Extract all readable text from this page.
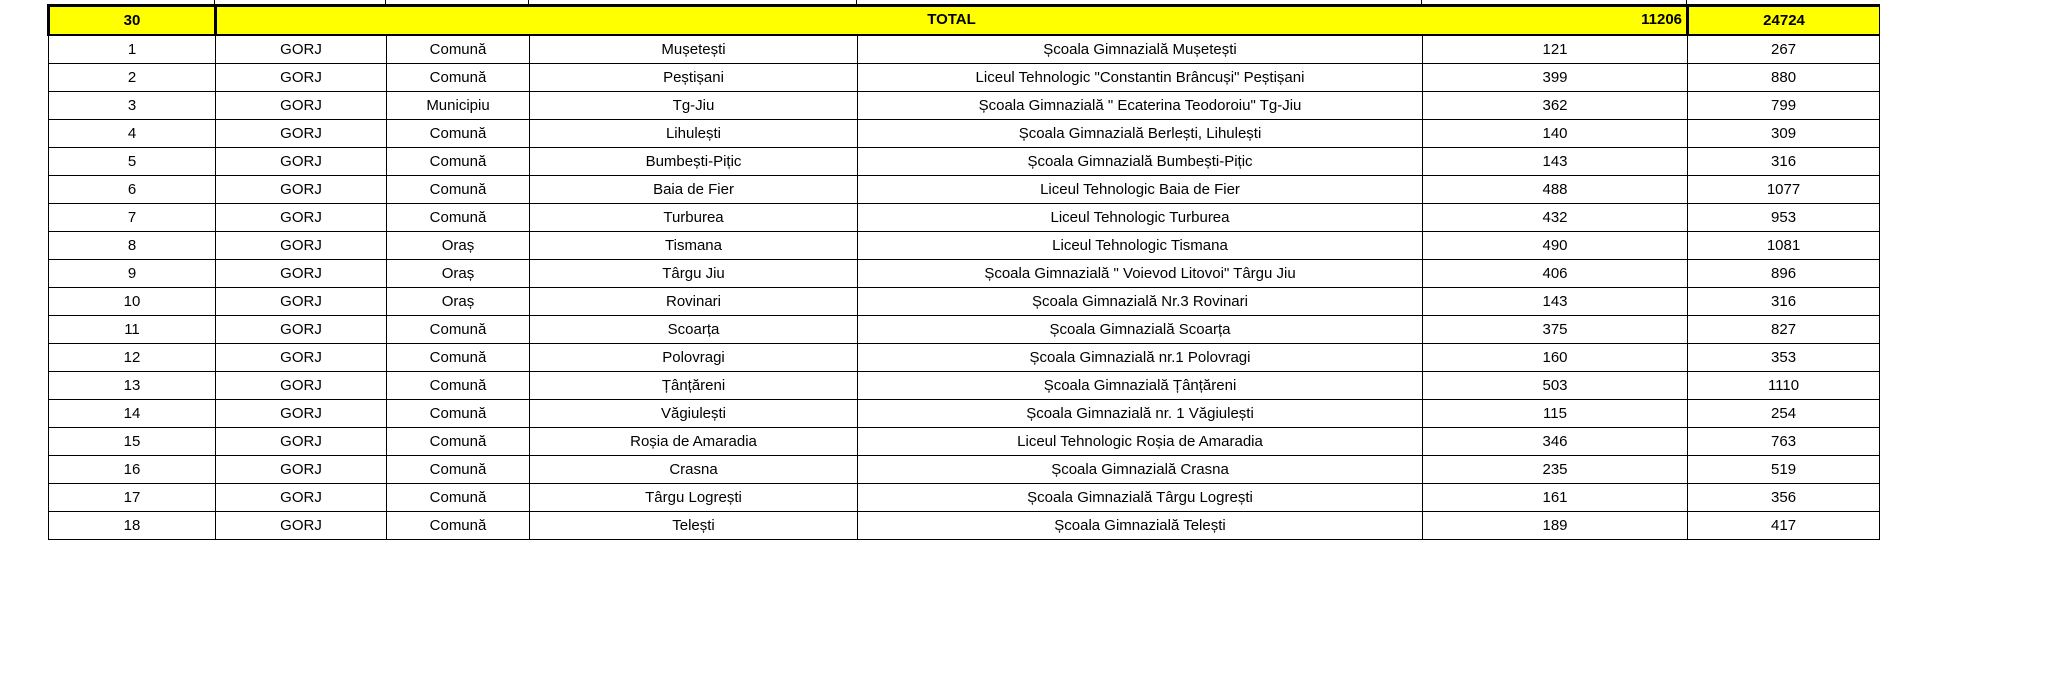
30	TOTAL 11206					24724
1	GORJ	Comună	Mușetești	Școala Gimnazială Mușetești	121	267
2	GORJ	Comună	Peștișani	Liceul Tehnologic "Constantin Brâncuși" Peștișani	399	880
3	GORJ	Municipiu	Tg-Jiu	Școala Gimnazială " Ecaterina Teodoroiu" Tg-Jiu	362	799
4	GORJ	Comună	Lihulești	Școala Gimnazială Berlești, Lihulești	140	309
5	GORJ	Comună	Bumbești-Pițic	Școala Gimnazială Bumbești-Pițic	143	316
6	GORJ	Comună	Baia de Fier	Liceul Tehnologic Baia de Fier	488	1077
7	GORJ	Comună	Turburea	Liceul Tehnologic Turburea	432	953
8	GORJ	Oraș	Tismana	Liceul Tehnologic Tismana	490	1081
9	GORJ	Oraș	Târgu Jiu	Școala Gimnazială " Voievod Litovoi" Târgu Jiu	406	896
10	GORJ	Oraș	Rovinari	Școala Gimnazială Nr.3 Rovinari	143	316
11	GORJ	Comună	Scoarța	Școala Gimnazială Scoarța	375	827
12	GORJ	Comună	Polovragi	Școala Gimnazială nr.1 Polovragi	160	353
13	GORJ	Comună	Țânțăreni	Școala Gimnazială Țânțăreni	503	1110
14	GORJ	Comună	Văgiulești	Școala Gimnazială nr. 1 Văgiulești	115	254
15	GORJ	Comună	Roșia de Amaradia	Liceul Tehnologic Roșia de Amaradia	346	763
16	GORJ	Comună	Crasna	Școala Gimnazială Crasna	235	519
17	GORJ	Comună	Târgu Logrești	Școala Gimnazială Târgu Logrești	161	356
18	GORJ	Comună	Telești	Școala Gimnazială Telești	189	417
